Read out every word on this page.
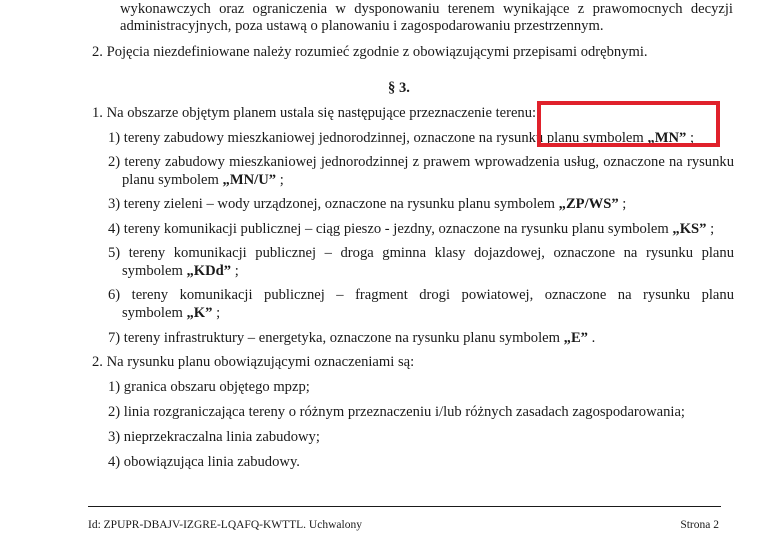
wykonawczych oraz ograniczenia w dysponowaniu terenem wynikające z prawomocnych decyzji
administracyjnych, poza ustawą o planowaniu i zagospodarowaniu przestrzennym.
2. Pojęcia niezdefiniowane należy rozumieć zgodnie z obowiązującymi przepisami odrębnymi.
§ 3.
1. Na obszarze objętym planem ustala się następujące przeznaczenie terenu:
1) tereny zabudowy mieszkaniowej jednorodzinnej, oznaczone na rysunku planu symbolem „MN” ;
2) tereny zabudowy mieszkaniowej jednorodzinnej z prawem wprowadzenia usług, oznaczone na rysunku
planu symbolem „MN/U” ;
3) tereny zieleni – wody urządzonej, oznaczone na rysunku planu symbolem „ZP/WS” ;
4) tereny komunikacji publicznej – ciąg pieszo - jezdny, oznaczone na rysunku planu symbolem „KS” ;
5) tereny komunikacji publicznej – droga gminna klasy dojazdowej, oznaczone na rysunku planu
symbolem „KDd” ;
6) tereny komunikacji publicznej – fragment drogi powiatowej, oznaczone na rysunku planu
symbolem „K” ;
7) tereny infrastruktury – energetyka, oznaczone na rysunku planu symbolem „E” .
2. Na rysunku planu obowiązującymi oznaczeniami są:
1) granica obszaru objętego mpzp;
2) linia rozgraniczająca tereny o różnym przeznaczeniu i/lub różnych zasadach zagospodarowania;
3) nieprzekraczalna linia zabudowy;
4) obowiązująca linia zabudowy.
Id: ZPUPR-DBAJV-IZGRE-LQAFQ-KWTTL. Uchwalony	Strona 2
